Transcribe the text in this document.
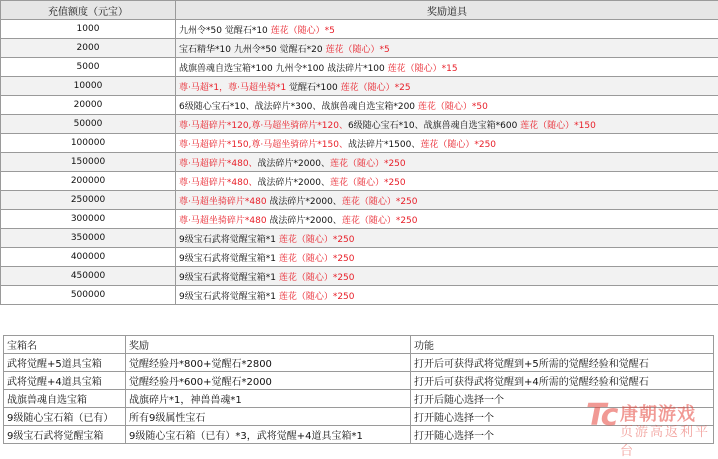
充值额度（元宝）	奖励道具
1000	九州令*50 觉醒石*10 莲花（随心）*5
2000	宝石精华*10 九州令*50 觉醒石*20 莲花（随心）*5
5000	战旗兽魂自选宝箱*100 九州令*100 战法碎片*100 莲花（随心）*15
10000	尊·马超*1，尊·马超坐骑*1 觉醒石*100 莲花（随心）*25
20000	6级随心宝石*10、战法碎片*300、战旗兽魂自选宝箱*200 莲花（随心）*50
50000	尊·马超碎片*120,尊·马超坐骑碎片*120、6级随心宝石*10、战旗兽魂自选宝箱*600 莲花（随心）*150
100000	尊·马超碎片*150,尊·马超坐骑碎片*150、战法碎片*1500、莲花（随心）*250
150000	尊·马超碎片*480、战法碎片*2000、莲花（随心）*250
200000	尊·马超碎片*480、战法碎片*2000、莲花（随心）*250
250000	尊·马超坐骑碎片*480 战法碎片*2000、莲花（随心）*250
300000	尊·马超坐骑碎片*480 战法碎片*2000、莲花（随心）*250
350000	9级宝石武将觉醒宝箱*1 莲花（随心）*250
400000	9级宝石武将觉醒宝箱*1 莲花（随心）*250
450000	9级宝石武将觉醒宝箱*1 莲花（随心）*250
500000	9级宝石武将觉醒宝箱*1 莲花（随心）*250
宝箱名	奖励	功能
武将觉醒+5道具宝箱	觉醒经验丹*800+觉醒石*2800	打开后可获得武将觉醒到+5所需的觉醒经验和觉醒石
武将觉醒+4道具宝箱	觉醒经验丹*600+觉醒石*2000	打开后可获得武将觉醒到+4所需的觉醒经验和觉醒石
战旗兽魂自选宝箱	战旗碎片*1，神兽兽魂*1	打开后随心选择一个
9级随心宝石箱（已有）	所有9级属性宝石	打开随心选择一个
9级宝石武将觉醒宝箱	9级随心宝石箱（已有）*3，武将觉醒+4道具宝箱*1	打开随心选择一个
Tc 唐朝游戏
页游高返利平台
